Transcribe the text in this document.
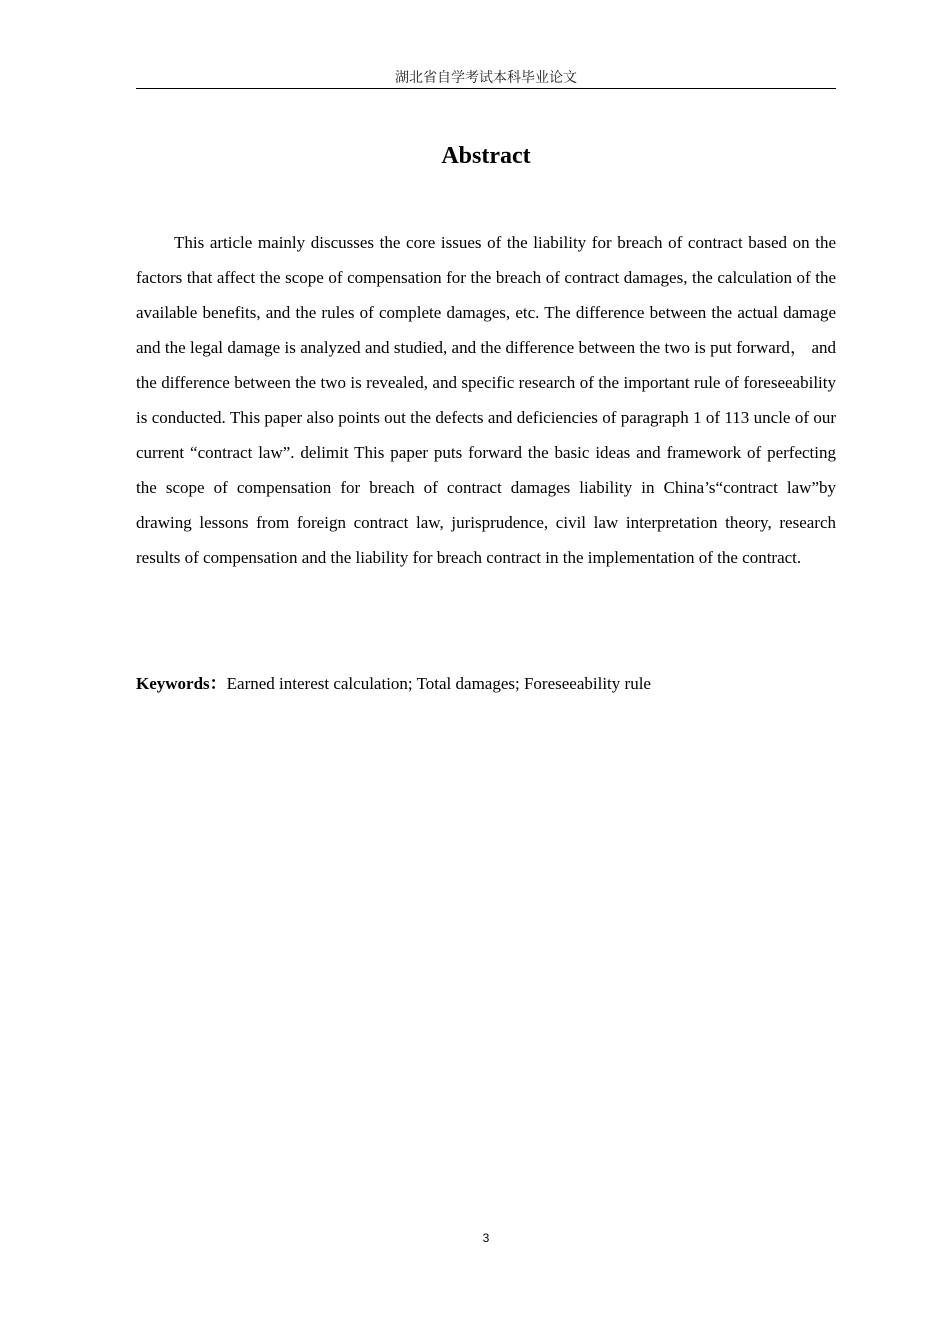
湖北省自学考试本科毕业论文
Abstract

This article mainly discusses the core issues of the liability for breach of contract based on the factors that affect the scope of compensation for the breach of contract damages, the calculation of the available benefits, and the rules of complete damages, etc. The difference between the actual damage and the legal damage is analyzed and studied, and the difference between the two is put forward， and the difference between the two is revealed, and specific research of the important rule of foreseeability is conducted. This paper also points out the defects and deficiencies of paragraph 1 of 113 uncle of our current “contract law”. delimit This paper puts forward the basic ideas and framework of perfecting the scope of compensation for breach of contract damages liability in China’s“contract law”by drawing lessons from foreign contract law, jurisprudence, civil law interpretation theory, research results of compensation and the liability for breach contract in the implementation of the contract.

Keywords：Earned interest calculation; Total damages; Foreseeability rule

3
